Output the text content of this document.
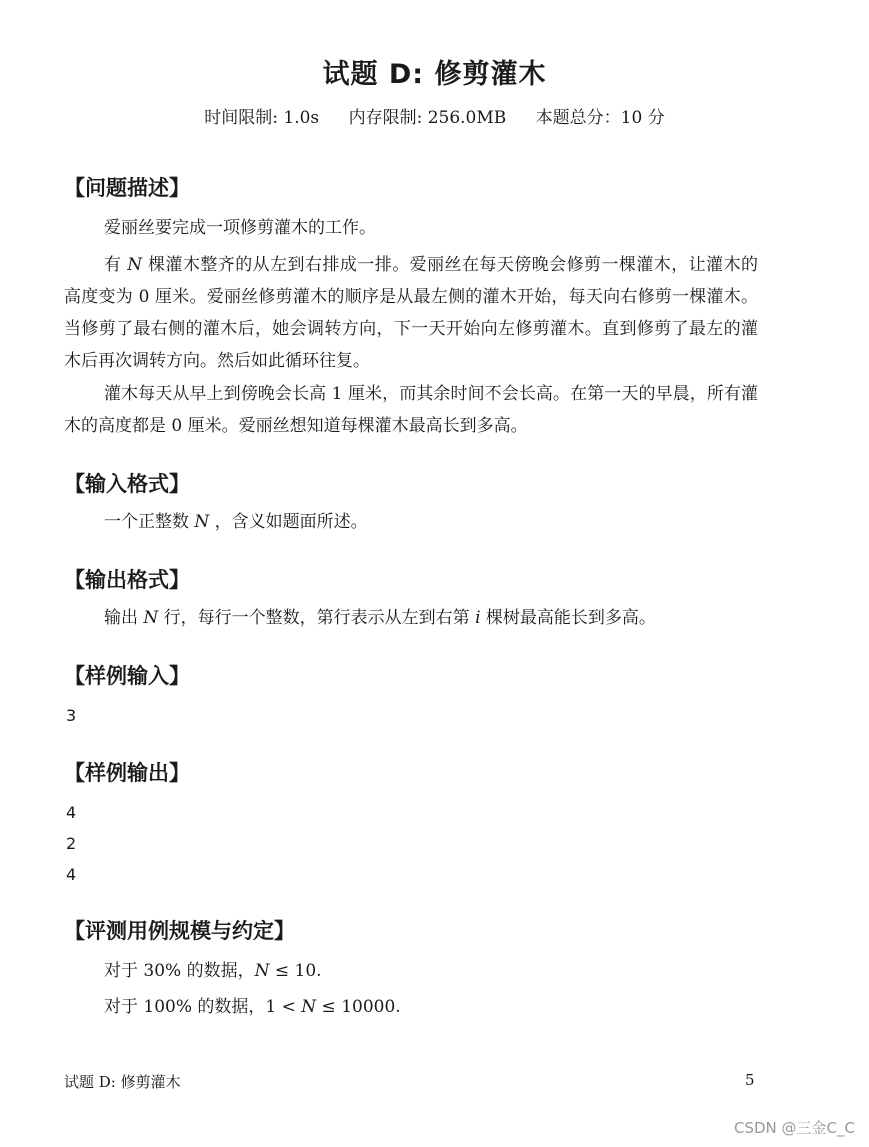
试题 D: 修剪灌木
时间限制: 1.0s 内存限制: 256.0MB 本题总分：10 分
【问题描述】
爱丽丝要完成一项修剪灌木的工作。
有 N 棵灌木整齐的从左到右排成一排。爱丽丝在每天傍晚会修剪一棵灌木，让灌木的高度变为 0 厘米。爱丽丝修剪灌木的顺序是从最左侧的灌木开始，每天向右修剪一棵灌木。当修剪了最右侧的灌木后，她会调转方向，下一天开始向左修剪灌木。直到修剪了最左的灌木后再次调转方向。然后如此循环往复。
灌木每天从早上到傍晚会长高 1 厘米，而其余时间不会长高。在第一天的早晨，所有灌木的高度都是 0 厘米。爱丽丝想知道每棵灌木最高长到多高。
【输入格式】
一个正整数 N ，含义如题面所述。
【输出格式】
输出 N 行，每行一个整数，第行表示从左到右第 i 棵树最高能长到多高。
【样例输入】
3
【样例输出】
4
2
4
【评测用例规模与约定】
对于 30% 的数据，N ≤ 10.
对于 100% 的数据，1 < N ≤ 10000.
试题 D: 修剪灌木	5
CSDN @三金C_C
